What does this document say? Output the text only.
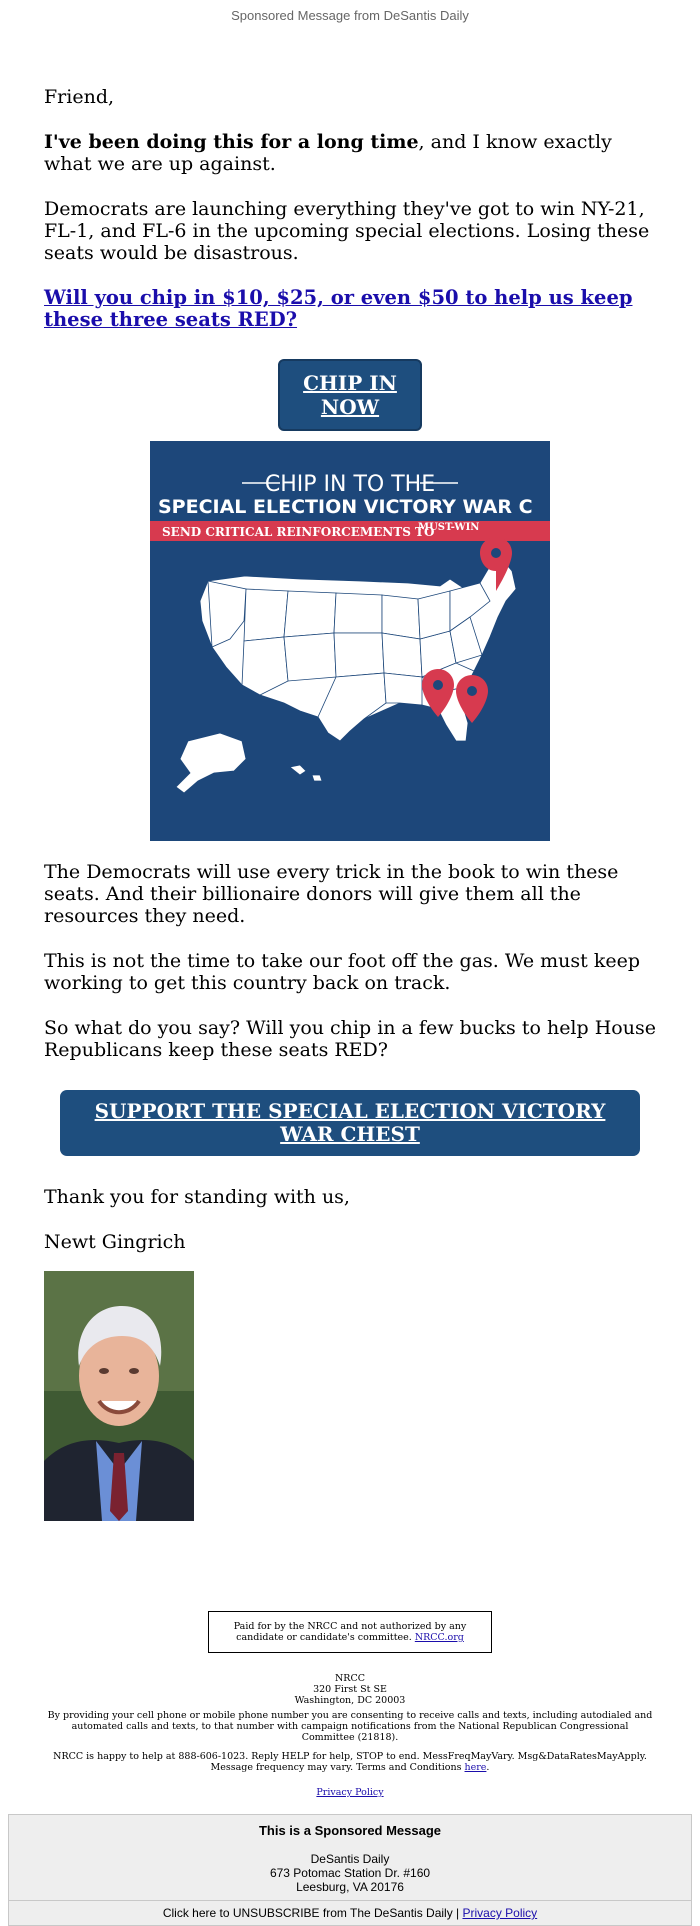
Sponsored Message from DeSantis Daily

Friend,

I've been doing this for a long time, and I know exactly what we are up against.

Democrats are launching everything they've got to win NY-21, FL-1, and FL-6 in the upcoming special elections. Losing these seats would be disastrous.

Will you chip in $10, $25, or even $50 to help us keep these three seats RED?
CHIP IN NOW
CHIP IN TO THE
SPECIAL ELECTION VICTORY WAR C
SEND CRITICAL REINFORCEMENTS TO
MUST-WIN

The Democrats will use every trick in the book to win these seats. And their billionaire donors will give them all the resources they need.

This is not the time to take our foot off the gas. We must keep working to get this country back on track.

So what do you say? Will you chip in a few bucks to help House Republicans keep these seats RED?

SUPPORT THE SPECIAL ELECTION VICTORY WAR CHEST

Thank you for standing with us,

Newt Gingrich

Paid for by the NRCC and not authorized by any candidate or candidate's committee. NRCC.org

NRCC
320 First St SE
Washington, DC 20003

By providing your cell phone or mobile phone number you are consenting to receive calls and texts, including autodialed and automated calls and texts, to that number with campaign notifications from the National Republican Congressional Committee (21818).

NRCC is happy to help at 888-606-1023. Reply HELP for help, STOP to end. MessFreqMayVary. Msg&DataRatesMayApply. Message frequency may vary. Terms and Conditions here.

Privacy Policy

This is a Sponsored Message
DeSantis Daily
673 Potomac Station Dr. #160
Leesburg, VA 20176
Click here to UNSUBSCRIBE from The DeSantis Daily | Privacy Policy
